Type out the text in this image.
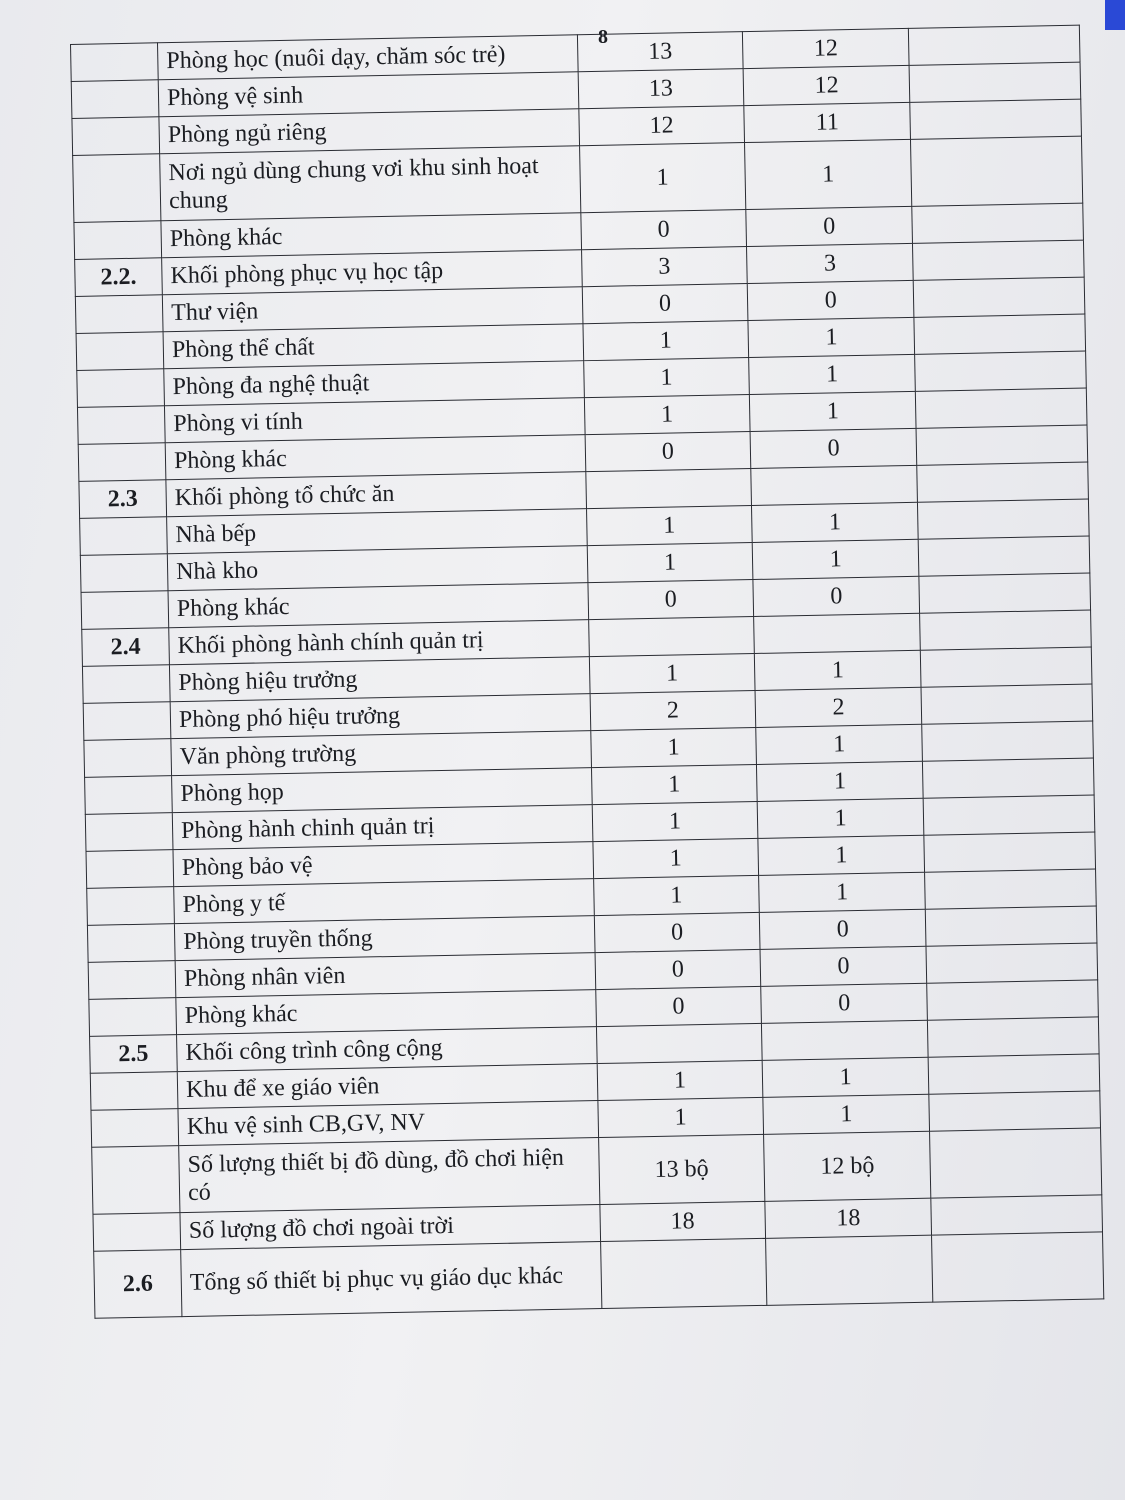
8
	Phòng học (nuôi dạy, chăm sóc trẻ)	13	12	
	Phòng vệ sinh	13	12	
	Phòng ngủ riêng	12	11	
	Nơi ngủ dùng chung vơi khu sinh hoạt chung	1	1	
	Phòng khác	0	0	
2.2.	Khối phòng phục vụ học tập	3	3	
	Thư viện	0	0	
	Phòng thể chất	1	1	
	Phòng đa nghệ thuật	1	1	
	Phòng vi tính	1	1	
	Phòng khác	0	0	
2.3	Khối phòng tổ chức ăn			
	Nhà bếp	1	1	
	Nhà kho	1	1	
	Phòng khác	0	0	
2.4	Khối phòng hành chính quản trị			
	Phòng hiệu trưởng	1	1	
	Phòng phó hiệu trưởng	2	2	
	Văn phòng trường	1	1	
	Phòng họp	1	1	
	Phòng hành chinh quản trị	1	1	
	Phòng bảo vệ	1	1	
	Phòng y tế	1	1	
	Phòng truyền thống	0	0	
	Phòng nhân viên	0	0	
	Phòng khác	0	0	
2.5	Khối công trình công cộng			
	Khu để xe giáo viên	1	1	
	Khu vệ sinh CB,GV, NV	1	1	
	Số lượng thiết bị đồ dùng, đồ chơi hiện có	13 bộ	12 bộ	
	Số lượng đồ chơi ngoài trời	18	18	
2.6	Tổng số thiết bị phục vụ giáo dục khác			
